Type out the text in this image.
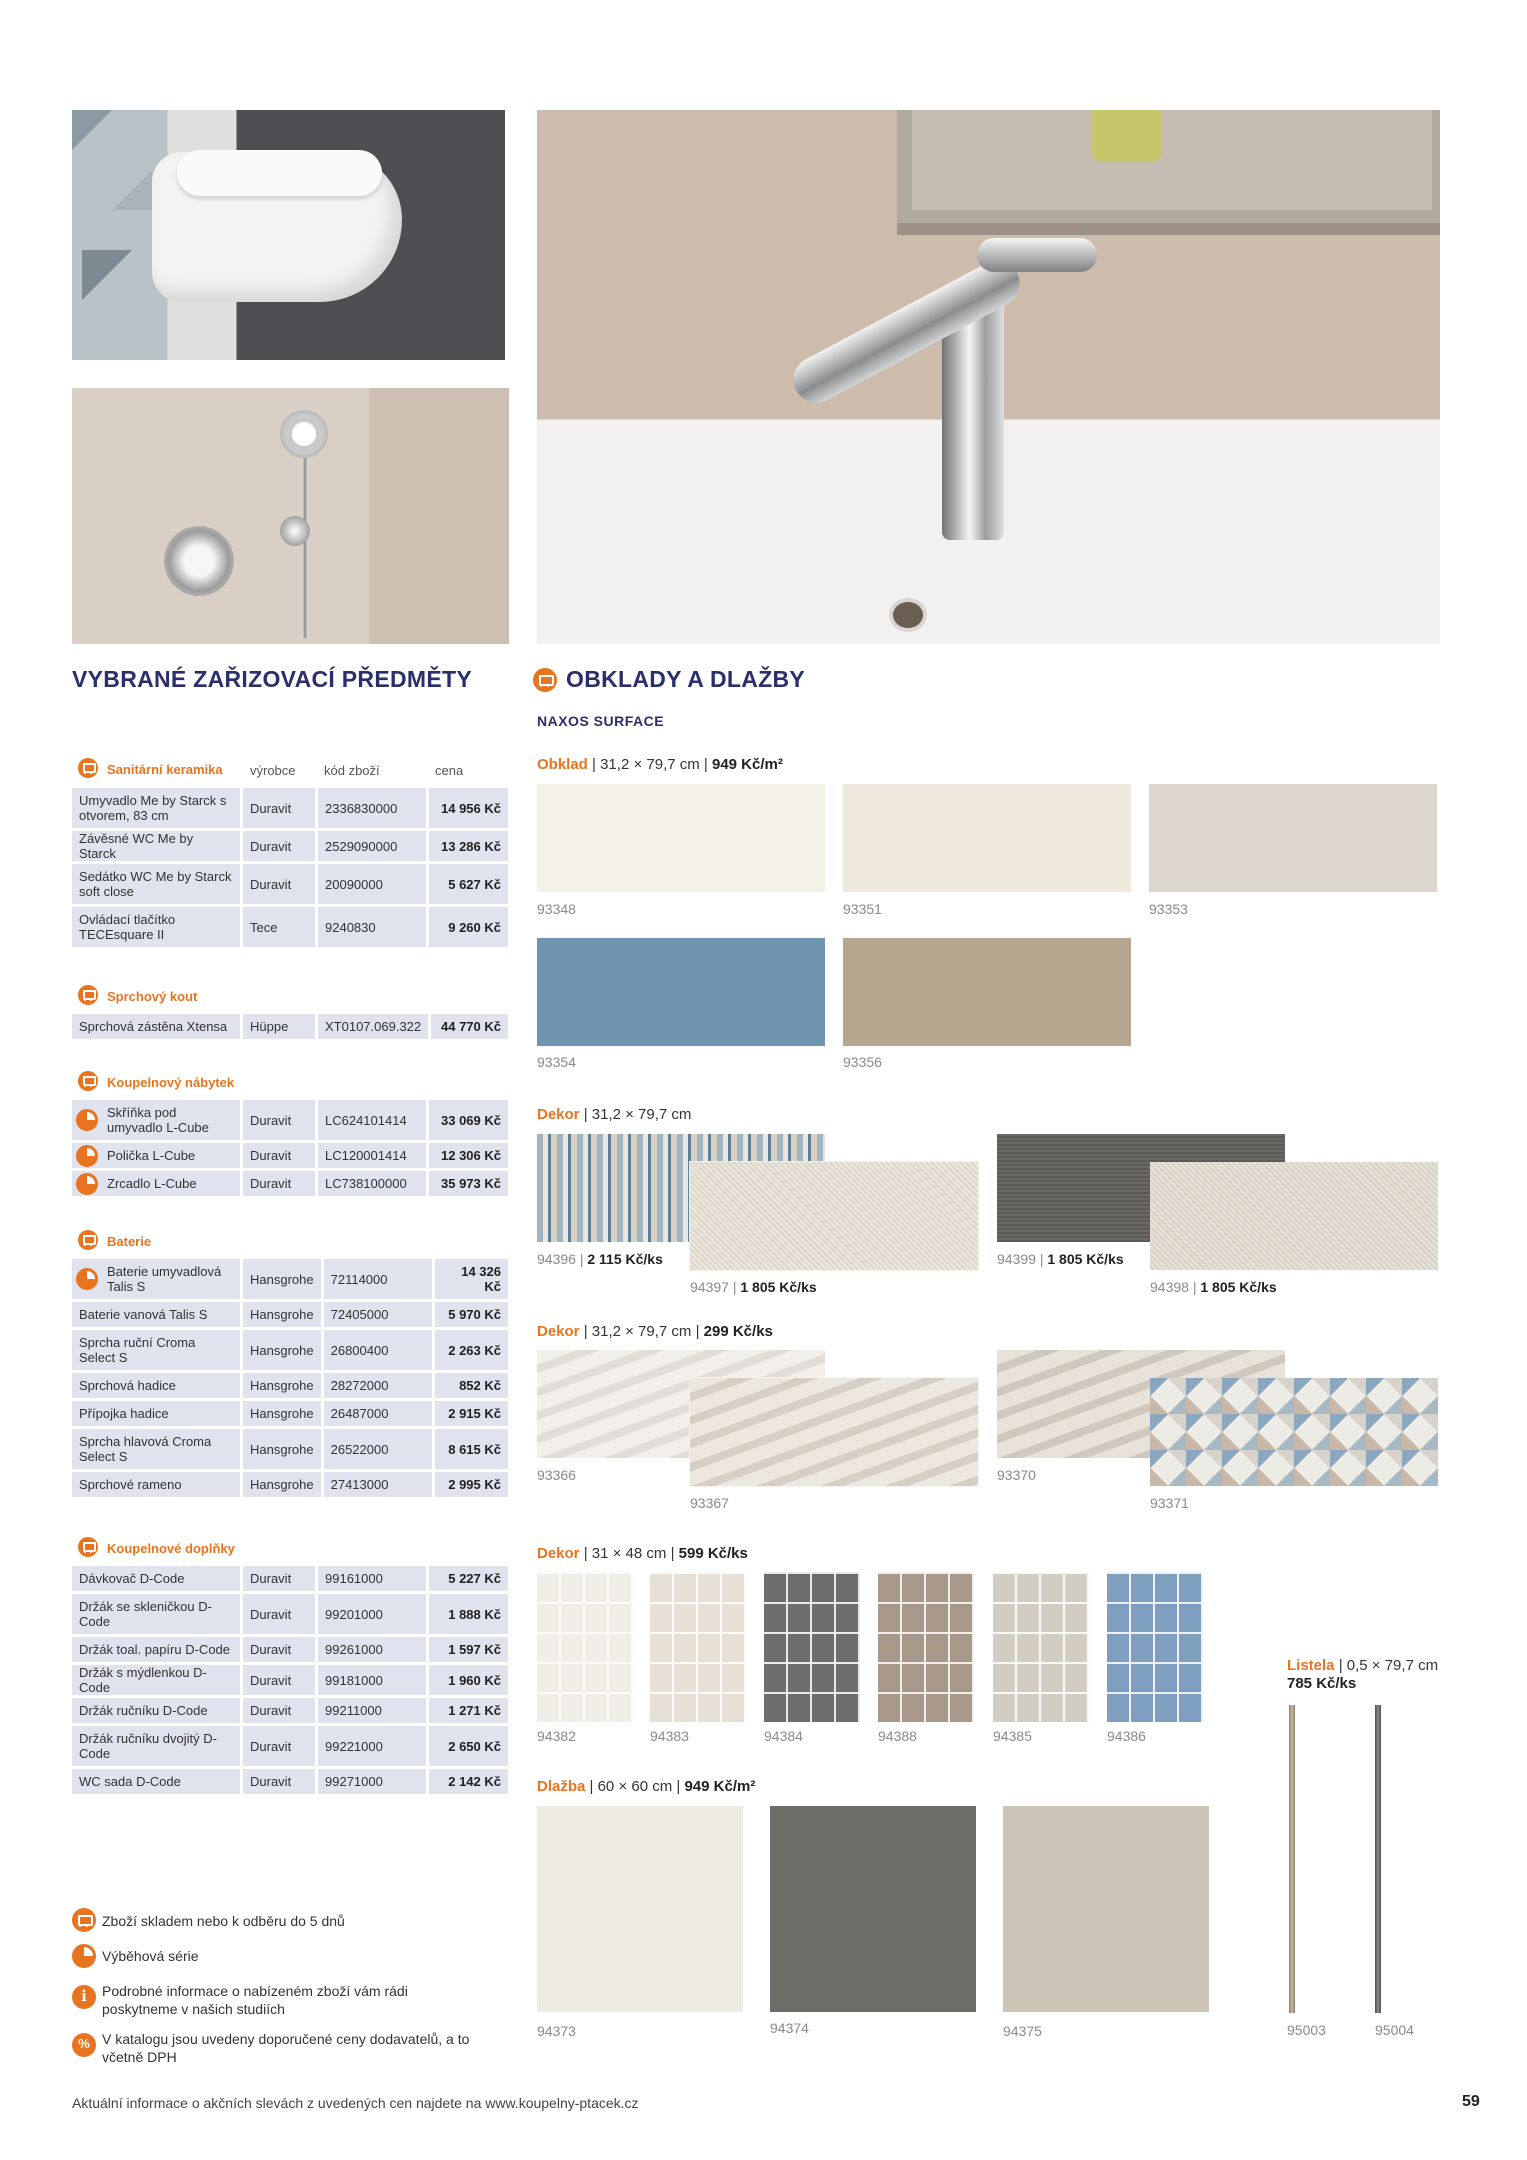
VYBRANÉ ZAŘIZOVACÍ PŘEDMĚTY
výrobce kód zboží	cena
Sanitární keramika
Umyvadlo Me by Starck s otvorem, 83 cm	Duravit	2336830000	14 956 Kč
Závěsné WC Me by Starck	Duravit	2529090000	13 286 Kč
Sedátko WC Me by Starck soft close	Duravit	20090000	5 627 Kč
Ovládací tlačítko TECEsquare II	Tece	9240830	9 260 Kč
Sprchový kout
Sprchová zástěna Xtensa	Hüppe	XT0107.069.322	44 770 Kč
Koupelnový nábytek
Skříňka pod umyvadlo L-Cube	Duravit	LC624101414	33 069 Kč

Polička L-Cube	Duravit	LC120001414	12 306 Kč

Zrcadlo L-Cube	Duravit	LC738100000	35 973 Kč
Baterie
Baterie umyvadlová Talis S	Hansgrohe	72114000	14 326 Kč
Baterie vanová Talis S	Hansgrohe	72405000	5 970 Kč
Sprcha ruční Croma Select S	Hansgrohe	26800400	2 263 Kč
Sprchová hadice	Hansgrohe	28272000	852 Kč
Přípojka hadice	Hansgrohe	26487000	2 915 Kč
Sprcha hlavová Croma Select S	Hansgrohe	26522000	8 615 Kč
Sprchové rameno	Hansgrohe	27413000	2 995 Kč
Koupelnové doplňky
Dávkovač D-Code	Duravit	99161000	5 227 Kč
Držák se skleničkou D-Code	Duravit	99201000	1 888 Kč
Držák toal. papíru D-Code	Duravit	99261000	1 597 Kč
Držák s mýdlenkou D-Code	Duravit	99181000	1 960 Kč
Držák ručníku D-Code	Duravit	99211000	1 271 Kč
Držák ručníku dvojitý D-Code	Duravit	99221000	2 650 Kč
WC sada D-Code	Duravit	99271000	2 142 Kč
Zboží skladem nebo k odběru do 5 dnů
Výběhová série
i	Podrobné informace o nabízeném zboží vám rádi poskytneme v našich studiích
% V katalogu jsou uvedeny doporučené ceny dodavatelů, a to včetně DPH
OBKLADY A DLAŽBY
NAXOS SURFACE
Obklad | 31,2 × 79,7 cm | 949 Kč/m²
93348	93351	93353
93354	93356
Dekor | 31,2 × 79,7 cm
94396 | 2 115 Kč/ks
94397 | 1 805 Kč/ks
94399 | 1 805 Kč/ks
94398 | 1 805 Kč/ks
Dekor | 31,2 × 79,7 cm | 299 Kč/ks
93366
93367
93370
93371
Dekor | 31 × 48 cm | 599 Kč/ks
94382	94383	94384	94388	94385	94386
Listela | 0,5 × 79,7 cm
785 Kč/ks
95003	95004
Dlažba | 60 × 60 cm | 949 Kč/m²
94373	94374	94375
Aktuální informace o akčních slevách z uvedených cen najdete na www.koupelny-ptacek.cz	59
